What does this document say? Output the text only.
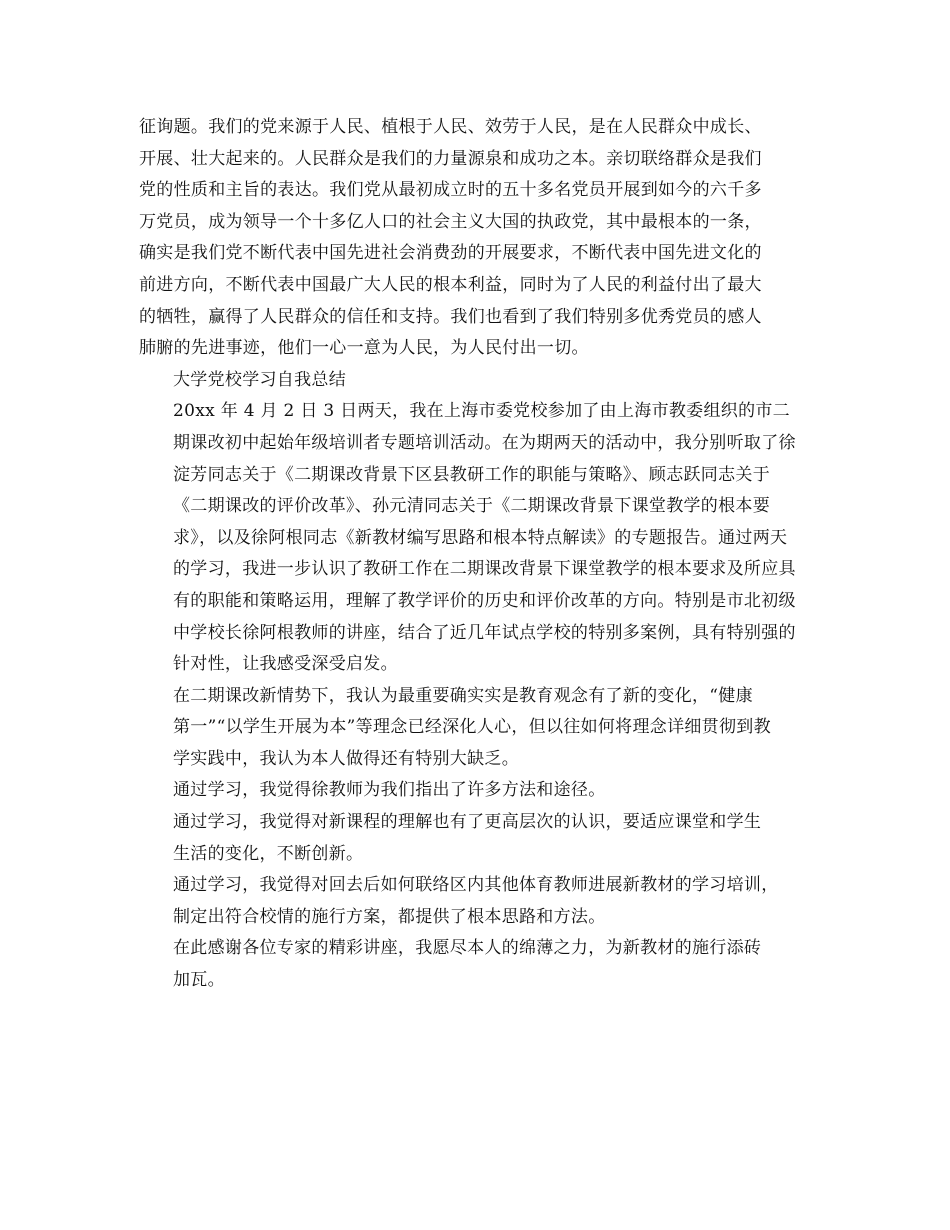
征询题。我们的党来源于人民、植根于人民、效劳于人民，是在人民群众中成长、
开展、壮大起来的。人民群众是我们的力量源泉和成功之本。亲切联络群众是我们
党的性质和主旨的表达。我们党从最初成立时的五十多名党员开展到如今的六千多
万党员，成为领导一个十多亿人口的社会主义大国的执政党，其中最根本的一条，
确实是我们党不断代表中国先进社会消费劲的开展要求，不断代表中国先进文化的
前进方向，不断代表中国最广大人民的根本利益，同时为了人民的利益付出了最大
的牺牲，赢得了人民群众的信任和支持。我们也看到了我们特别多优秀党员的感人
肺腑的先进事迹，他们一心一意为人民，为人民付出一切。

大学党校学习自我总结

20xx 年 4 月 2 日 3 日两天，我在上海市委党校参加了由上海市教委组织的市二
期课改初中起始年级培训者专题培训活动。在为期两天的活动中，我分别听取了徐
淀芳同志关于《二期课改背景下区县教研工作的职能与策略》、顾志跃同志关于
《二期课改的评价改革》、孙元清同志关于《二期课改背景下课堂教学的根本要
求》，以及徐阿根同志《新教材编写思路和根本特点解读》的专题报告。通过两天
的学习，我进一步认识了教研工作在二期课改背景下课堂教学的根本要求及所应具
有的职能和策略运用，理解了教学评价的历史和评价改革的方向。特别是市北初级
中学校长徐阿根教师的讲座，结合了近几年试点学校的特别多案例，具有特别强的
针对性，让我感受深受启发。

在二期课改新情势下，我认为最重要确实实是教育观念有了新的变化，“健康
第一”“以学生开展为本”等理念已经深化人心，但以往如何将理念详细贯彻到教
学实践中，我认为本人做得还有特别大缺乏。

通过学习，我觉得徐教师为我们指出了许多方法和途径。

通过学习，我觉得对新课程的理解也有了更高层次的认识，要适应课堂和学生
生活的变化，不断创新。

通过学习，我觉得对回去后如何联络区内其他体育教师进展新教材的学习培训，
制定出符合校情的施行方案，都提供了根本思路和方法。

在此感谢各位专家的精彩讲座，我愿尽本人的绵薄之力，为新教材的施行添砖
加瓦。
